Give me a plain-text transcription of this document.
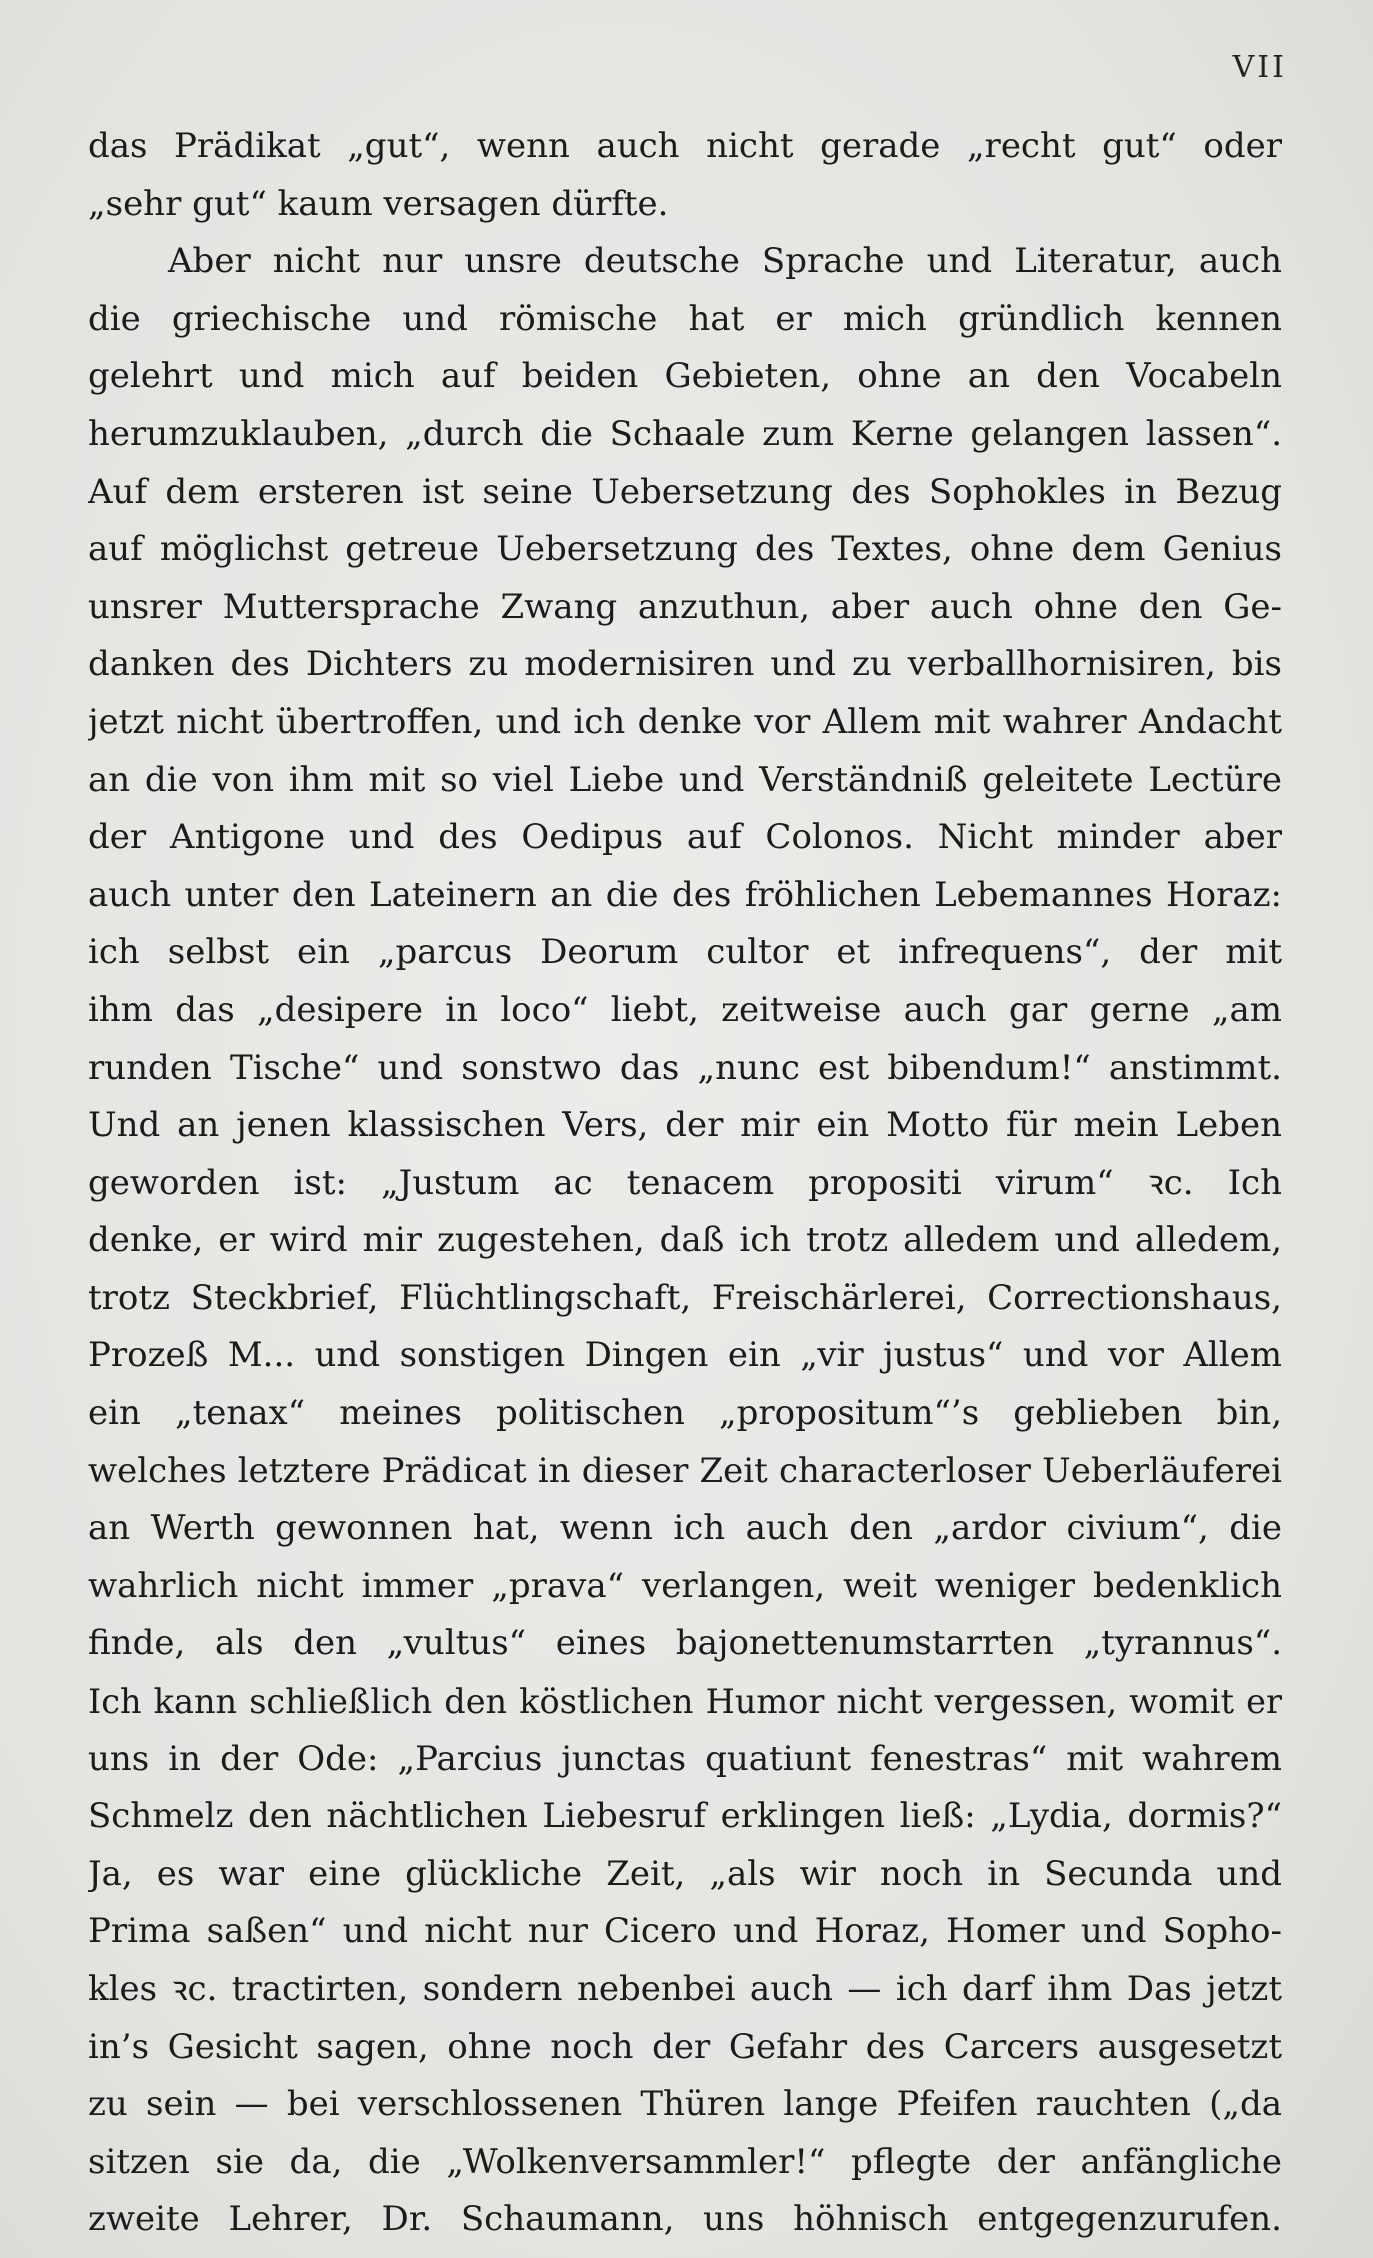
VII
das Prädikat „gut“, wenn auch nicht gerade „recht gut“ oder
„sehr gut“ kaum versagen dürfte.
Aber nicht nur unsre deutsche Sprache und Literatur, auch
die griechische und römische hat er mich gründlich kennen
gelehrt und mich auf beiden Gebieten, ohne an den Vocabeln
herumzuklauben, „durch die Schaale zum Kerne gelangen lassen“.
Auf dem ersteren ist seine Uebersetzung des Sophokles in Bezug
auf möglichst getreue Uebersetzung des Textes, ohne dem Genius
unsrer Muttersprache Zwang anzuthun, aber auch ohne den Ge-
danken des Dichters zu modernisiren und zu verballhornisiren, bis
jetzt nicht übertroffen, und ich denke vor Allem mit wahrer Andacht
an die von ihm mit so viel Liebe und Verständniß geleitete Lectüre
der Antigone und des Oedipus auf Colonos. Nicht minder aber
auch unter den Lateinern an die des fröhlichen Lebemannes Horaz:
ich selbst ein „parcus Deorum cultor et infrequens“, der mit
ihm das „desipere in loco“ liebt, zeitweise auch gar gerne „am
runden Tische“ und sonstwo das „nunc est bibendum!“ anstimmt.
Und an jenen klassischen Vers, der mir ein Motto für mein Leben
geworden ist: „Justum ac tenacem propositi virum“ ꝛc. Ich
denke, er wird mir zugestehen, daß ich trotz alledem und alledem,
trotz Steckbrief, Flüchtlingschaft, Freischärlerei, Correctionshaus,
Prozeß M... und sonstigen Dingen ein „vir justus“ und vor Allem
ein „tenax“ meines politischen „propositum“’s geblieben bin,
welches letztere Prädicat in dieser Zeit characterloser Ueberläuferei
an Werth gewonnen hat, wenn ich auch den „ardor civium“, die
wahrlich nicht immer „prava“ verlangen, weit weniger bedenklich
finde, als den „vultus“ eines bajonettenumstarrten „tyrannus“.
Ich kann schließlich den köstlichen Humor nicht vergessen, womit er
uns in der Ode: „Parcius junctas quatiunt fenestras“ mit wahrem
Schmelz den nächtlichen Liebesruf erklingen ließ: „Lydia, dormis?“
Ja, es war eine glückliche Zeit, „als wir noch in Secunda und
Prima saßen“ und nicht nur Cicero und Horaz, Homer und Sopho-
kles ꝛc. tractirten, sondern nebenbei auch — ich darf ihm Das jetzt
in’s Gesicht sagen, ohne noch der Gefahr des Carcers ausgesetzt
zu sein — bei verschlossenen Thüren lange Pfeifen rauchten („da
sitzen sie da, die „Wolkenversammler!“ pflegte der anfängliche
zweite Lehrer, Dr. Schaumann, uns höhnisch entgegenzurufen.
